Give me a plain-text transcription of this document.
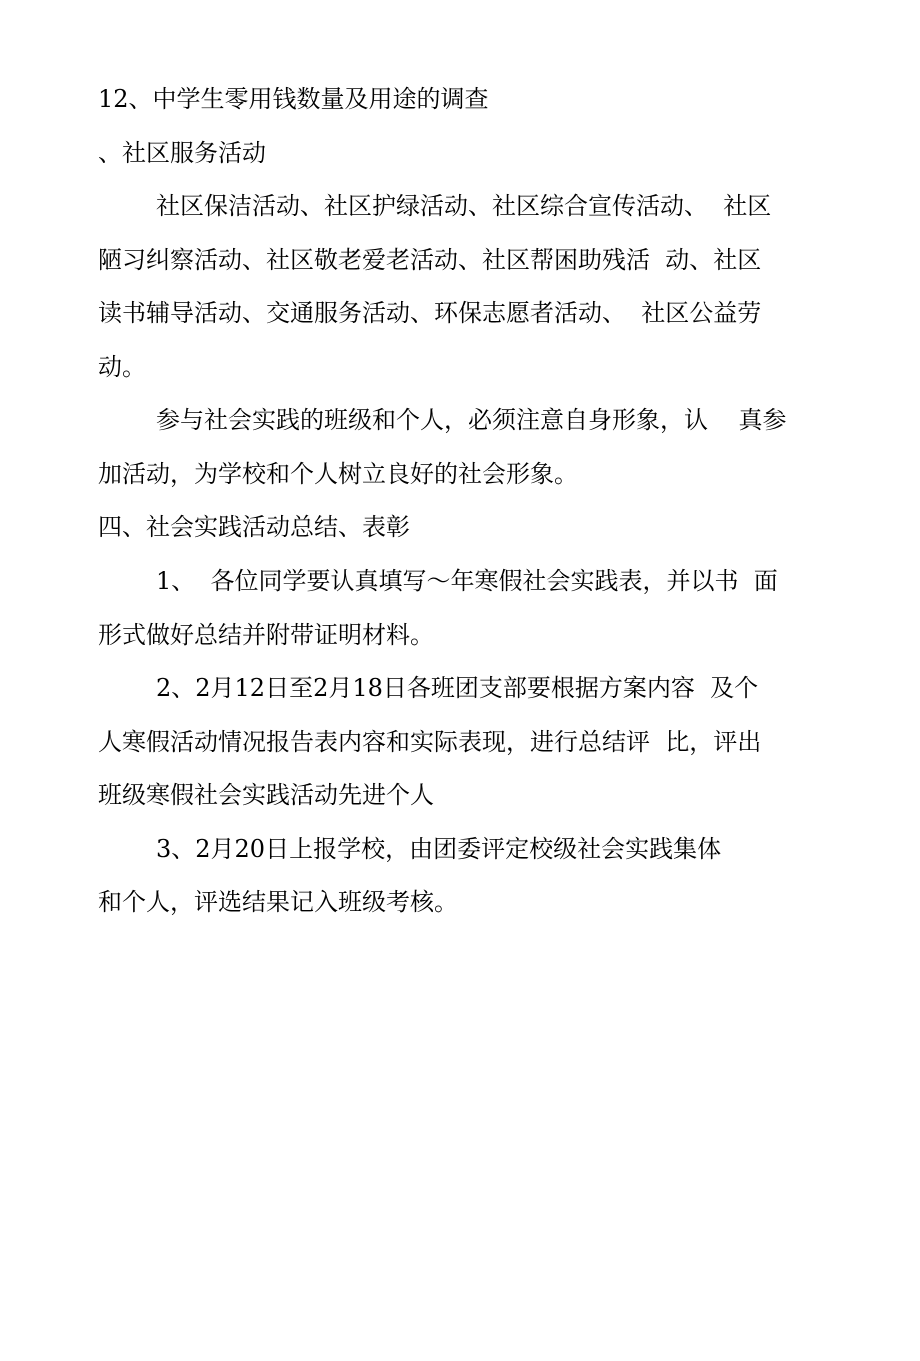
12、中学生零用钱数量及用途的调查
、社区服务活动
社区保洁活动、社区护绿活动、社区综合宣传活动、  社区
陋习纠察活动、社区敬老爱老活动、社区帮困助残活  动、社区
读书辅导活动、交通服务活动、环保志愿者活动、  社区公益劳
动。
参与社会实践的班级和个人，必须注意自身形象，认    真参
加活动，为学校和个人树立良好的社会形象。
四、社会实践活动总结、表彰
1、  各位同学要认真填写～年寒假社会实践表，并以书  面
形式做好总结并附带证明材料。
2、2月12日至2月18日各班团支部要根据方案内容  及个
人寒假活动情况报告表内容和实际表现，进行总结评  比，评出
班级寒假社会实践活动先进个人
3、2月20日上报学校，由团委评定校级社会实践集体
和个人，评选结果记入班级考核。
